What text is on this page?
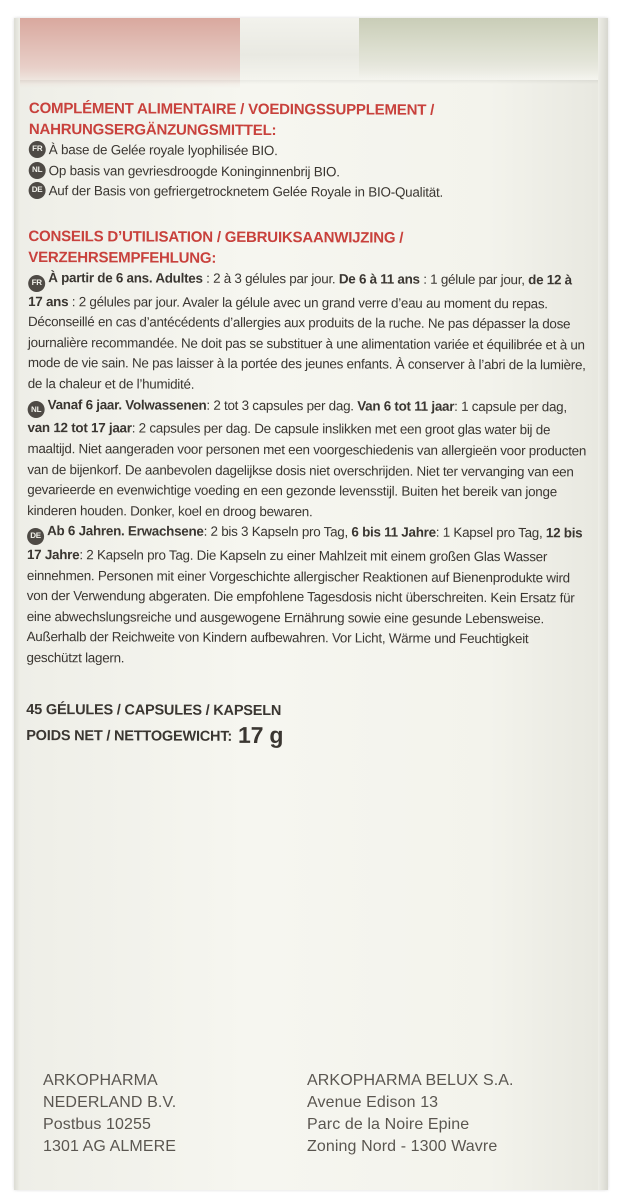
COMPLÉMENT ALIMENTAIRE / VOEDINGSSUPPLEMENT /
NAHRUNGSERGÄNZUNGSMITTEL:
FR À base de Gelée royale lyophilisée BIO.
NL Op basis van gevriesdroogde Koninginnenbrij BIO.
DE Auf der Basis von gefriergetrocknetem Gelée Royale in BIO-Qualität.
CONSEILS D’UTILISATION / GEBRUIKSAANWIJZING /
VERZEHRSEMPFEHLUNG:
FR À partir de 6 ans. Adultes : 2 à 3 gélules par jour. De 6 à 11 ans : 1 gélule par jour, de 12 à 17 ans : 2 gélules par jour. Avaler la gélule avec un grand verre d’eau au moment du repas. Déconseillé en cas d’antécédents d’allergies aux produits de la ruche. Ne pas dépasser la dose journalière recommandée. Ne doit pas se substituer à une alimentation variée et équilibrée et à un mode de vie sain. Ne pas laisser à la portée des jeunes enfants. À conserver à l’abri de la lumière, de la chaleur et de l’humidité.
NL Vanaf 6 jaar. Volwassenen: 2 tot 3 capsules per dag. Van 6 tot 11 jaar: 1 capsule per dag, van 12 tot 17 jaar: 2 capsules per dag. De capsule inslikken met een groot glas water bij de maaltijd. Niet aangeraden voor personen met een voorgeschiedenis van allergieën voor producten van de bijenkorf. De aanbevolen dagelijkse dosis niet overschrijden. Niet ter vervanging van een gevarieerde en evenwichtige voeding en een gezonde levensstijl. Buiten het bereik van jonge kinderen houden. Donker, koel en droog bewaren.
DE Ab 6 Jahren. Erwachsene: 2 bis 3 Kapseln pro Tag, 6 bis 11 Jahre: 1 Kapsel pro Tag, 12 bis 17 Jahre: 2 Kapseln pro Tag. Die Kapseln zu einer Mahlzeit mit einem großen Glas Wasser einnehmen. Personen mit einer Vorgeschichte allergischer Reaktionen auf Bienenprodukte wird von der Verwendung abgeraten. Die empfohlene Tagesdosis nicht überschreiten. Kein Ersatz für eine abwechslungsreiche und ausgewogene Ernährung sowie eine gesunde Lebensweise. Außerhalb der Reichweite von Kindern aufbewahren. Vor Licht, Wärme und Feuchtigkeit geschützt lagern.
45 GÉLULES / CAPSULES / KAPSELN
POIDS NET / NETTOGEWICHT: 17 g
ARKOPHARMA
NEDERLAND B.V.
Postbus 10255
1301 AG ALMERE
ARKOPHARMA BELUX S.A.
Avenue Edison 13
Parc de la Noire Epine
Zoning Nord - 1300 Wavre
